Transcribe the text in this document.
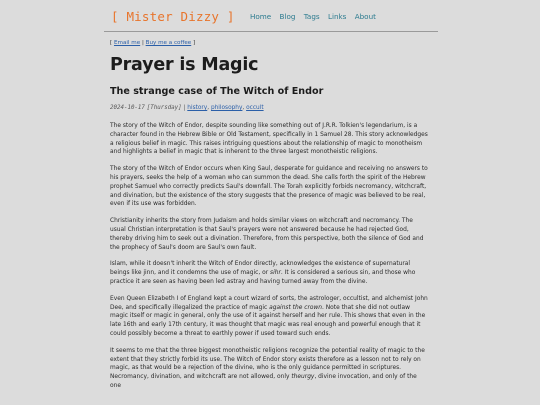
[ Mister Dizzy ] Home Blog Tags Links About
[ Email me | Buy me a coffee ]
Prayer is Magic
The strange case of The Witch of Endor
2024-10-17 [Thursday] | history, philosophy, occult

The story of the Witch of Endor, despite sounding like something out of J.R.R. Tolkien's legendarium, is a character found in the Hebrew Bible or Old Testament, specifically in 1 Samuel 28. This story acknowledges a religious belief in magic. This raises intriguing questions about the relationship of magic to monotheism and highlights a belief in magic that is inherent to the three largest monotheistic religions.

The story of the Witch of Endor occurs when King Saul, desperate for guidance and receiving no answers to his prayers, seeks the help of a woman who can summon the dead. She calls forth the spirit of the Hebrew prophet Samuel who correctly predicts Saul's downfall. The Torah explicitly forbids necromancy, witchcraft, and divination, but the existence of the story suggests that the presence of magic was believed to be real, even if its use was forbidden.

Christianity inherits the story from Judaism and holds similar views on witchcraft and necromancy. The usual Christian interpretation is that Saul's prayers were not answered because he had rejected God, thereby driving him to seek out a divination. Therefore, from this perspective, both the silence of God and the prophecy of Saul's doom are Saul's own fault.

Islam, while it doesn't inherit the Witch of Endor directly, acknowledges the existence of supernatural beings like jinn, and it condemns the use of magic, or sihr. It is considered a serious sin, and those who practice it are seen as having been led astray and having turned away from the divine.

Even Queen Elizabeth I of England kept a court wizard of sorts, the astrologer, occultist, and alchemist John Dee, and specifically illegalized the practice of magic against the crown. Note that she did not outlaw magic itself or magic in general, only the use of it against herself and her rule. This shows that even in the late 16th and early 17th century, it was thought that magic was real enough and powerful enough that it could possibly become a threat to earthly power if used toward such ends.

It seems to me that the three biggest monotheistic religions recognize the potential reality of magic to the extent that they strictly forbid its use. The Witch of Endor story exists therefore as a lesson not to rely on magic, as that would be a rejection of the divine, who is the only guidance permitted in scriptures. Necromancy, divination, and witchcraft are not allowed, only theurgy, divine invocation, and only of the one
